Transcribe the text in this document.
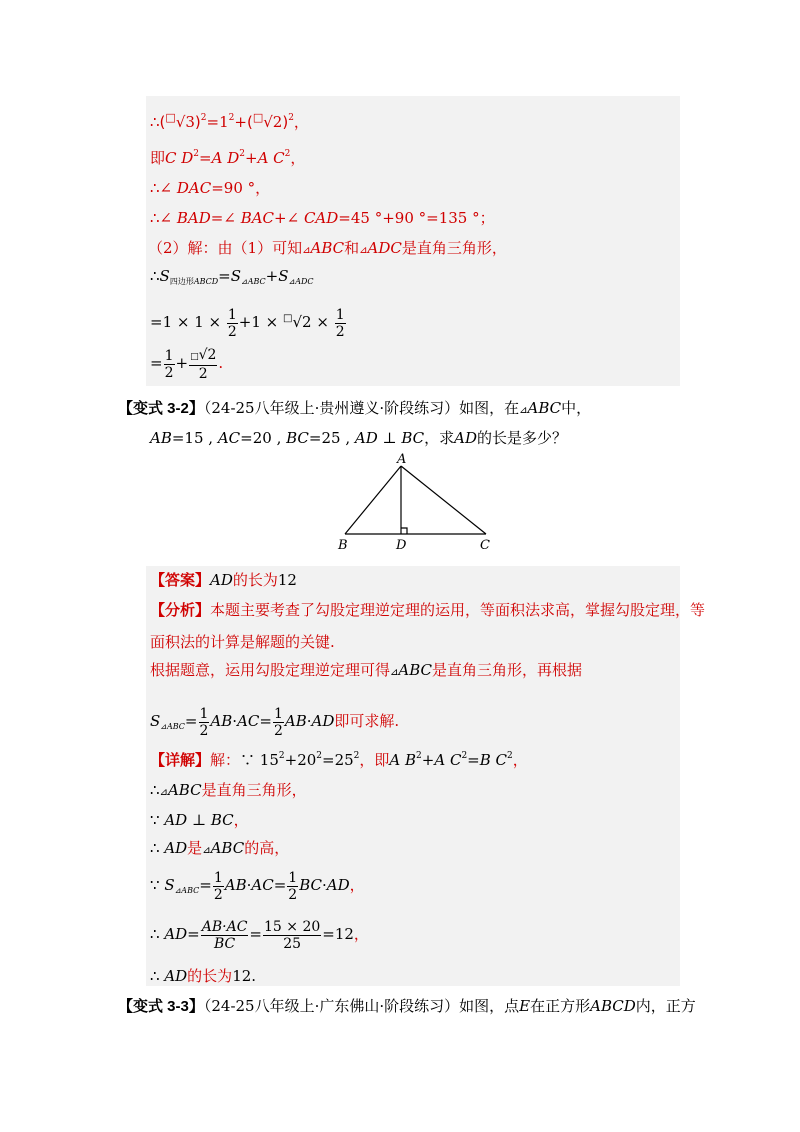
$\therefore(^□√3)^2=1^2+(^□√2)^2$，
即C $D^2=A$ $D^2+A$ $C^2$，
∴∠ DAC=90 °，
∴∠ BAD=∠ BAC+∠ CAD=45 °+90 °=135 °；
（2）解：由（1）可知⊿ABC和⊿ADC是直角三角形，
$\therefore S_{四边形ABCD}=S_{⊿ABC}+S_{⊿ADC}$
$=1 \times 1 \times \frac{1}{2} +1 \times ^□√2 \times \frac{1}{2}$
= $\frac{1}{2} + \frac{□√2}{2}$ .
【变式 3-2】（24-25八年级上·贵州遵义·阶段练习）如图，在⊿ABC中，
AB=15 , AC=20 , BC=25 , AD ⊥ BC，求AD的长是多少？
A
B	D	C
【答案】AD的长为12
【分析】本题主要考查了勾股定理逆定理的运用，等面积法求高，掌握勾股定理，等
面积法的计算是解题的关键.
根据题意，运用勾股定理逆定理可得⊿ABC是直角三角形，再根据
$S_{⊿ABC}= \frac{1}{2} AB\cdot AC= \frac{1}{2} AB\cdot AD$即可求解.
【详解】解：∵ $15^2+20^2=25^2$，即A $B^2+A$ $C^2=B$ $C^2$，
∴⊿ABC是直角三角形，
∵ AD ⊥ BC，
∴ AD是⊿ABC的高，
∵ $S_{⊿ABC}= \frac{1}{2} AB\cdot AC= \frac{1}{2} BC\cdot AD$，
∴ $AD= \frac{AB\cdot AC}{BC} = \frac{15 \times 20}{25} =12$，
∴ AD的长为12.
【变式 3-3】（24-25八年级上·广东佛山·阶段练习）如图，点E在正方形ABCD内，正方
